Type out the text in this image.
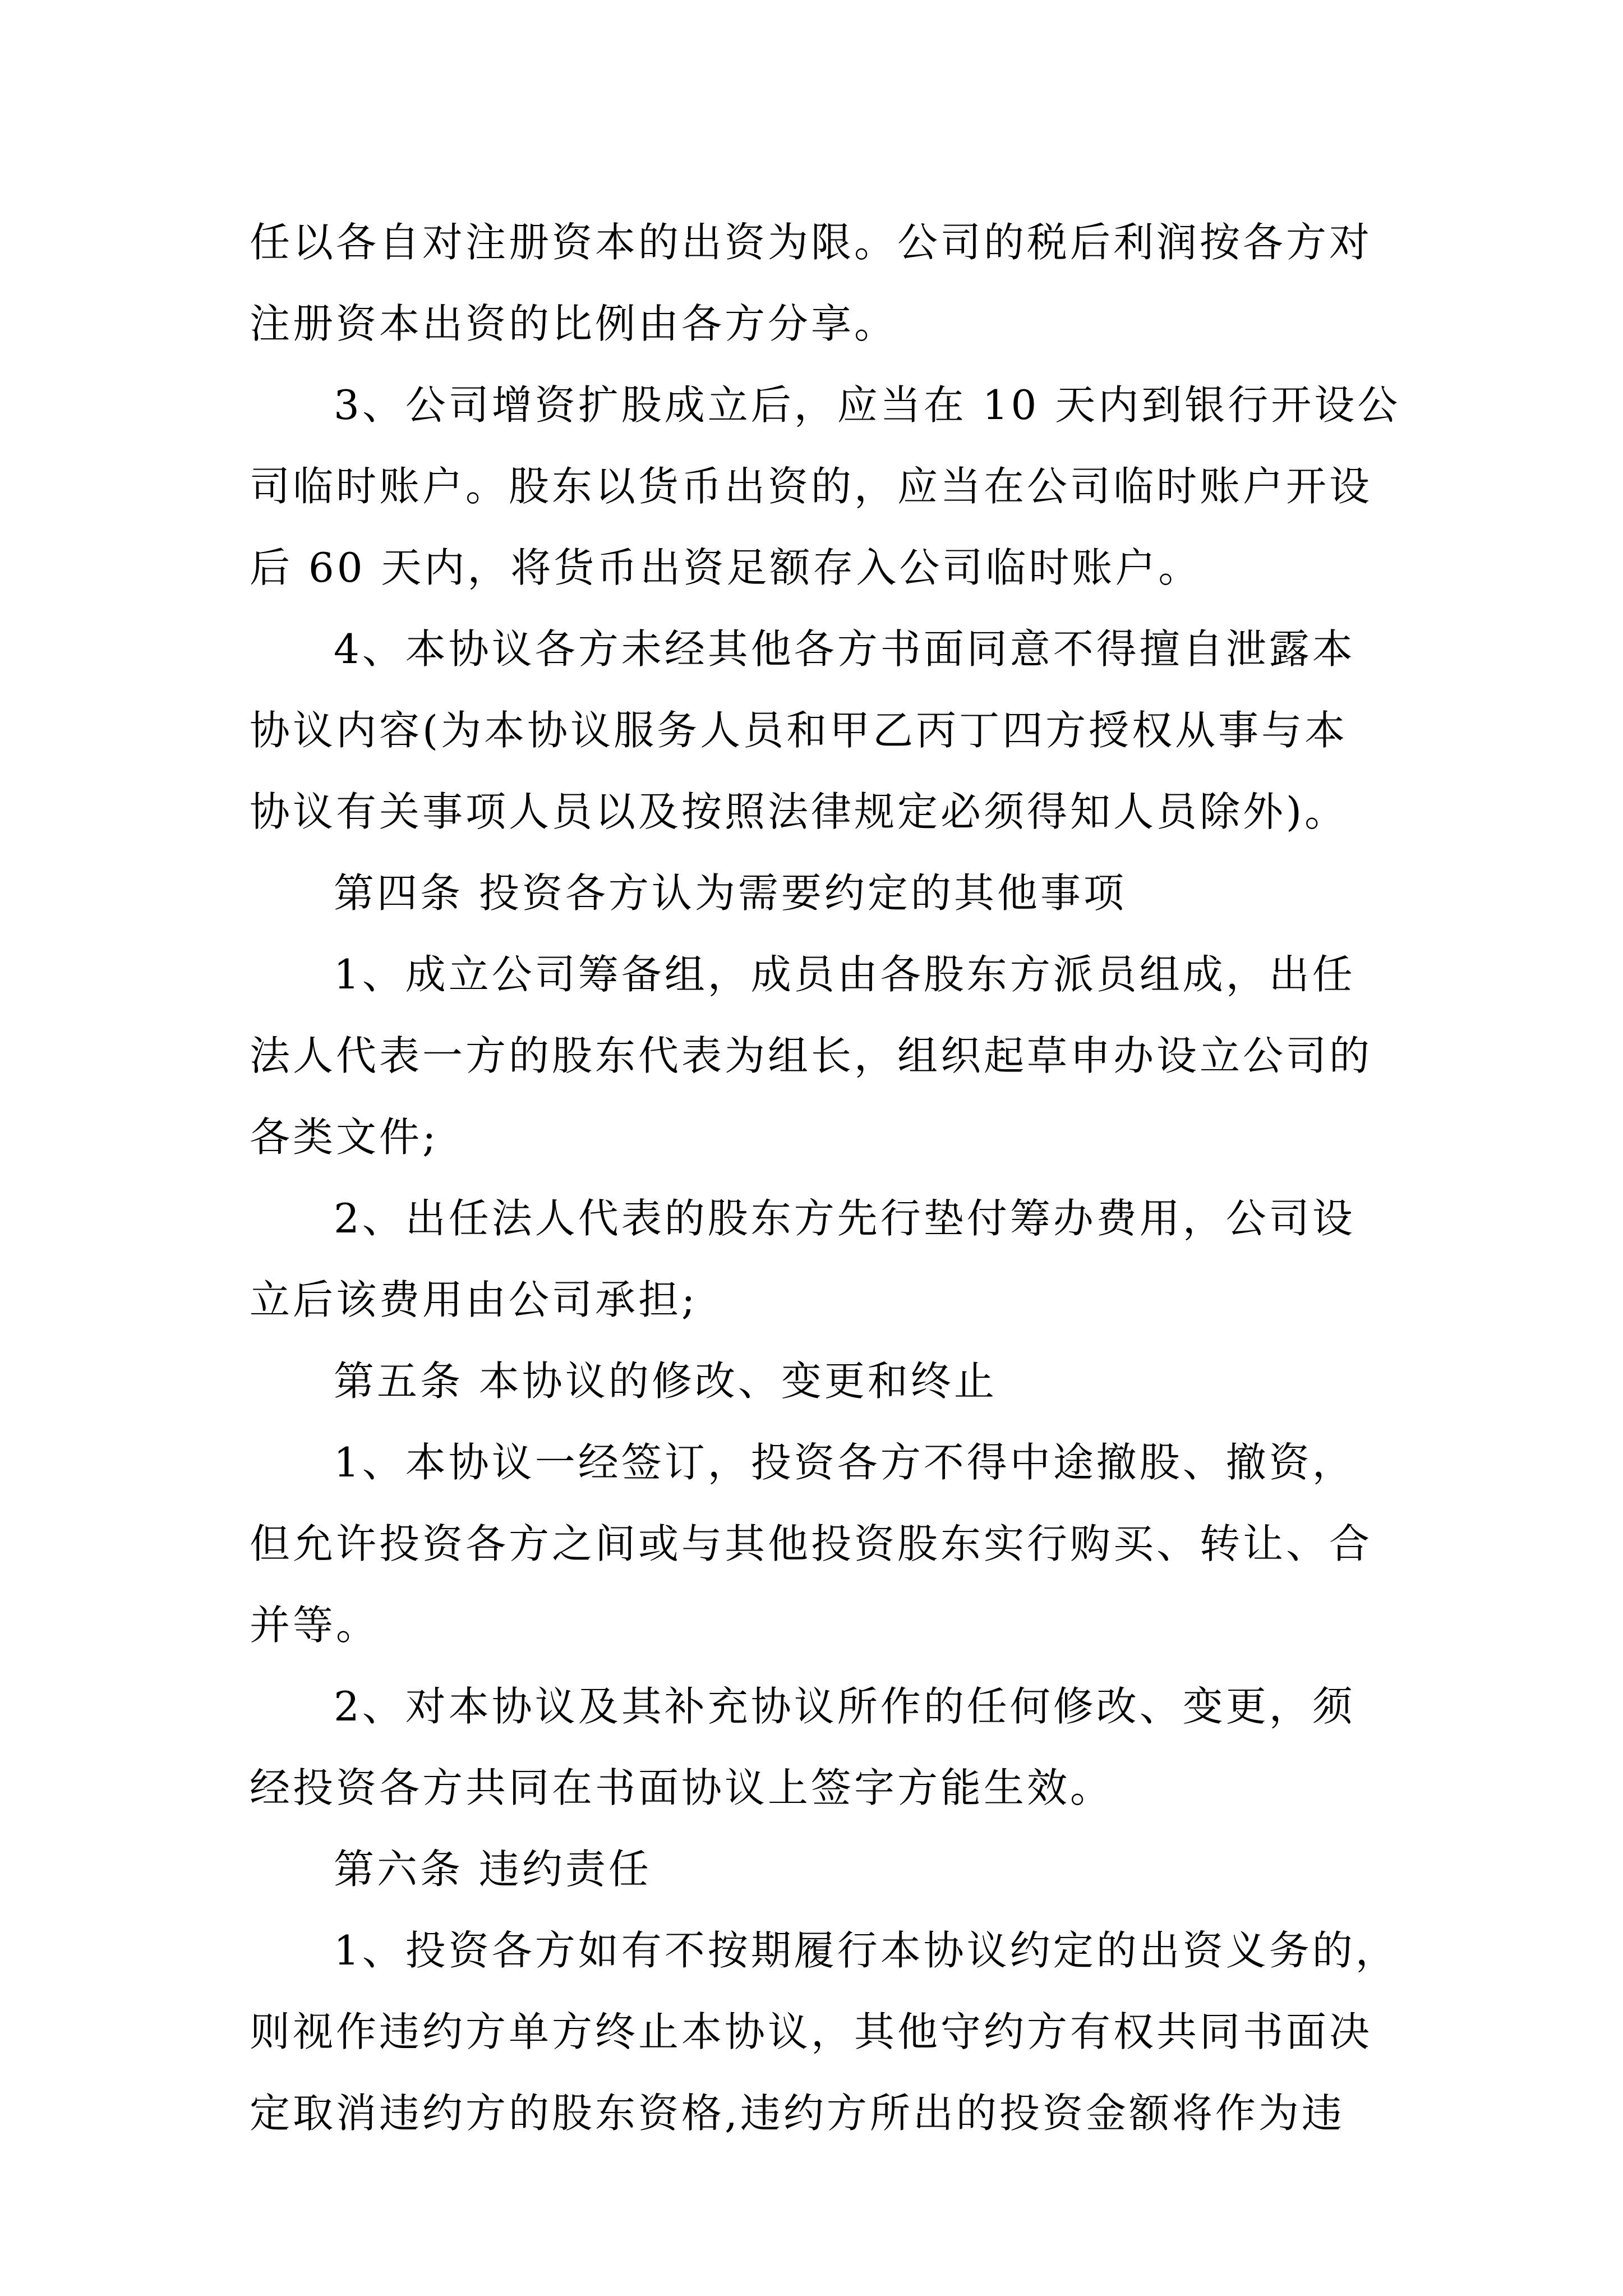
任以各自对注册资本的出资为限。公司的税后利润按各方对
注册资本出资的比例由各方分享。
3、公司增资扩股成立后，应当在 10 天内到银行开设公
司临时账户。股东以货币出资的，应当在公司临时账户开设
后 60 天内，将货币出资足额存入公司临时账户。
4、本协议各方未经其他各方书面同意不得擅自泄露本
协议内容(为本协议服务人员和甲乙丙丁四方授权从事与本
协议有关事项人员以及按照法律规定必须得知人员除外)。
第四条 投资各方认为需要约定的其他事项
1、成立公司筹备组，成员由各股东方派员组成，出任
法人代表一方的股东代表为组长，组织起草申办设立公司的
各类文件;
2、出任法人代表的股东方先行垫付筹办费用，公司设
立后该费用由公司承担;
第五条 本协议的修改、变更和终止
1、本协议一经签订，投资各方不得中途撤股、撤资，
但允许投资各方之间或与其他投资股东实行购买、转让、合
并等。
2、对本协议及其补充协议所作的任何修改、变更，须
经投资各方共同在书面协议上签字方能生效。
第六条 违约责任
1、投资各方如有不按期履行本协议约定的出资义务的，
则视作违约方单方终止本协议，其他守约方有权共同书面决
定取消违约方的股东资格,违约方所出的投资金额将作为违
